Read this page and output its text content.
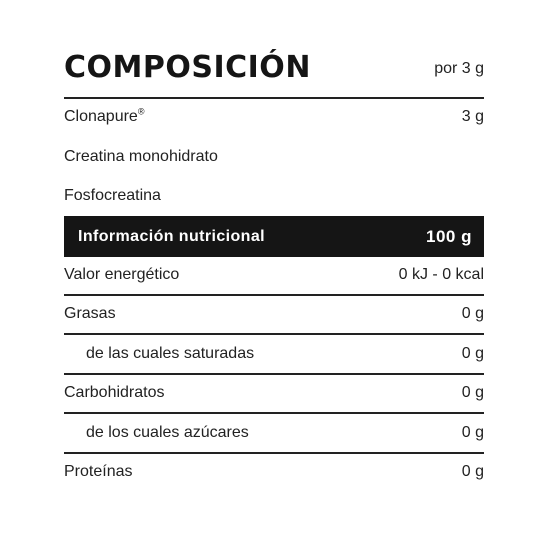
COMPOSICIÓN	por 3 g
Clonapure®	3 g
Creatina monohidrato
Fosfocreatina
Información nutricional	100 g
Valor energético	0 kJ - 0 kcal
Grasas	0 g
de las cuales saturadas	0 g
Carbohidratos	0 g
de los cuales azúcares	0 g
Proteínas	0 g
